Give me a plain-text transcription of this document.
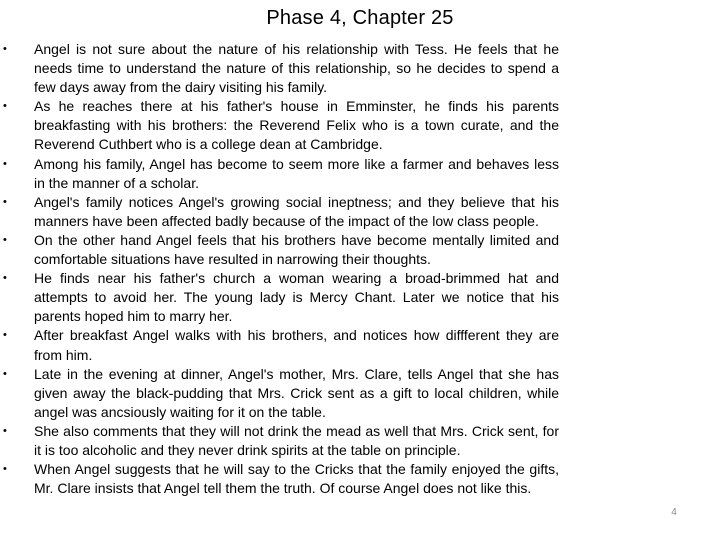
Phase 4, Chapter 25
• Angel is not sure about the nature of his relationship with Tess. He feels that he needs time to understand the nature of this relationship, so he decides to spend a few days away from the dairy visiting his family.
• As he reaches there at his father's house in Emminster, he finds his parents breakfasting with his brothers: the Reverend Felix who is a town curate, and the Reverend Cuthbert who is a college dean at Cambridge.
• Among his family, Angel has become to seem more like a farmer and behaves less in the manner of a scholar.
• Angel's family notices Angel's growing social ineptness; and they believe that his manners have been affected badly because of the impact of the low class people.
• On the other hand Angel feels that his brothers have become mentally limited and comfortable situations have resulted in narrowing their thoughts.
• He finds near his father's church a woman wearing a broad-brimmed hat and attempts to avoid her. The young lady is Mercy Chant. Later we notice that his parents hoped him to marry her.
• After breakfast Angel walks with his brothers, and notices how diffferent they are from him.
• Late in the evening at dinner, Angel's mother, Mrs. Clare, tells Angel that she has given away the black-pudding that Mrs. Crick sent as a gift to local children, while angel was ancsiously waiting for it on the table.
• She also comments that they will not drink the mead as well that Mrs. Crick sent, for it is too alcoholic and they never drink spirits at the table on principle.
• When Angel suggests that he will say to the Cricks that the family enjoyed the gifts, Mr. Clare insists that Angel tell them the truth. Of course Angel does not like this.
4
